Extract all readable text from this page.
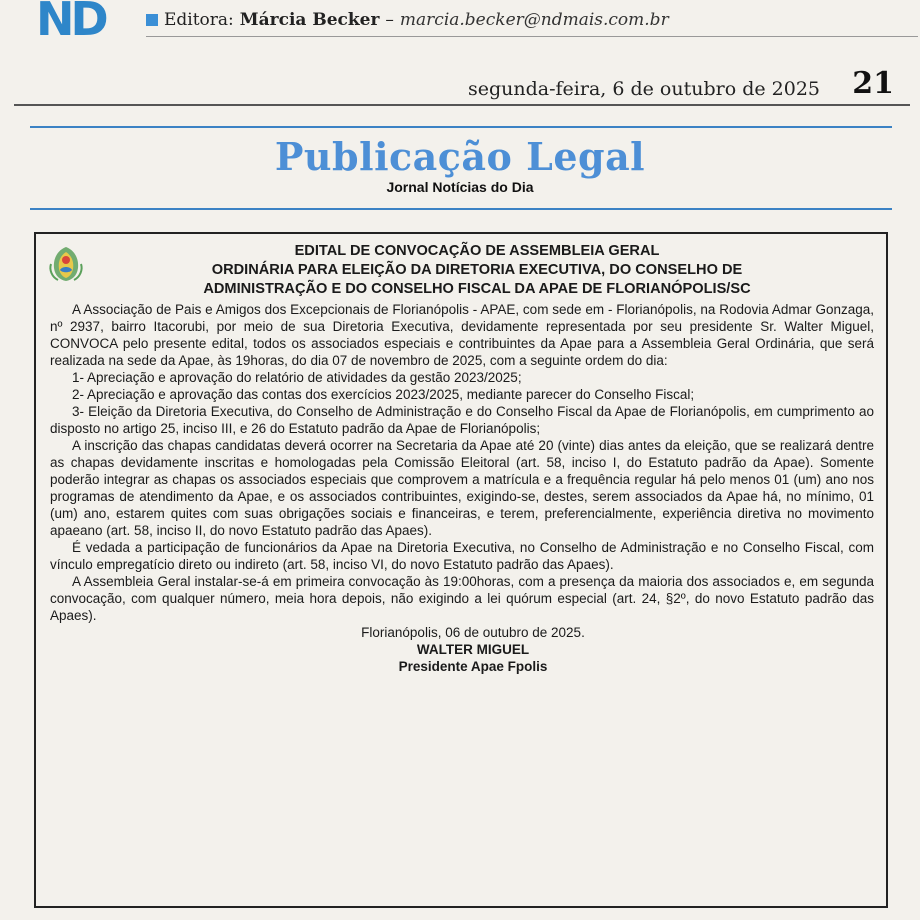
ND	Editora: Márcia Becker – marcia.becker@ndmais.com.br
segunda-feira, 6 de outubro de 2025 21
Publicação Legal
Jornal Notícias do Dia
EDITAL DE CONVOCAÇÃO DE ASSEMBLEIA GERAL
ORDINÁRIA PARA ELEIÇÃO DA DIRETORIA EXECUTIVA, DO CONSELHO DE
ADMINISTRAÇÃO E DO CONSELHO FISCAL DA APAE DE FLORIANÓPOLIS/SC

A Associação de Pais e Amigos dos Excepcionais de Florianópolis - APAE, com sede em - Florianópolis, na Rodovia Admar Gonzaga, nº 2937, bairro Itacorubi, por meio de sua Diretoria Executiva, devidamente representada por seu presidente Sr. Walter Miguel, CONVOCA pelo presente edital, todos os associados especiais e contribuintes da Apae para a Assembleia Geral Ordinária, que será realizada na sede da Apae, às 19horas, do dia 07 de novembro de 2025, com a seguinte ordem do dia:

1- Apreciação e aprovação do relatório de atividades da gestão 2023/2025;

2- Apreciação e aprovação das contas dos exercícios 2023/2025, mediante parecer do Conselho Fiscal;

3- Eleição da Diretoria Executiva, do Conselho de Administração e do Conselho Fiscal da Apae de Florianópolis, em cumprimento ao disposto no artigo 25, inciso III, e 26 do Estatuto padrão da Apae de Florianópolis;

A inscrição das chapas candidatas deverá ocorrer na Secretaria da Apae até 20 (vinte) dias antes da eleição, que se realizará dentre as chapas devidamente inscritas e homologadas pela Comissão Eleitoral (art. 58, inciso I, do Estatuto padrão da Apae). Somente poderão integrar as chapas os associados especiais que comprovem a matrícula e a frequência regular há pelo menos 01 (um) ano nos programas de atendimento da Apae, e os associados contribuintes, exigindo-se, destes, serem associados da Apae há, no mínimo, 01 (um) ano, estarem quites com suas obrigações sociais e financeiras, e terem, preferencialmente, experiência diretiva no movimento apaeano (art. 58, inciso II, do novo Estatuto padrão das Apaes).

É vedada a participação de funcionários da Apae na Diretoria Executiva, no Conselho de Administração e no Conselho Fiscal, com vínculo empregatício direto ou indireto (art. 58, inciso VI, do novo Estatuto padrão das Apaes).

A Assembleia Geral instalar-se-á em primeira convocação às 19:00horas, com a presença da maioria dos associados e, em segunda convocação, com qualquer número, meia hora depois, não exigindo a lei quórum especial (art. 24, §2º, do novo Estatuto padrão das Apaes).

Florianópolis, 06 de outubro de 2025.

WALTER MIGUEL

Presidente Apae Fpolis
